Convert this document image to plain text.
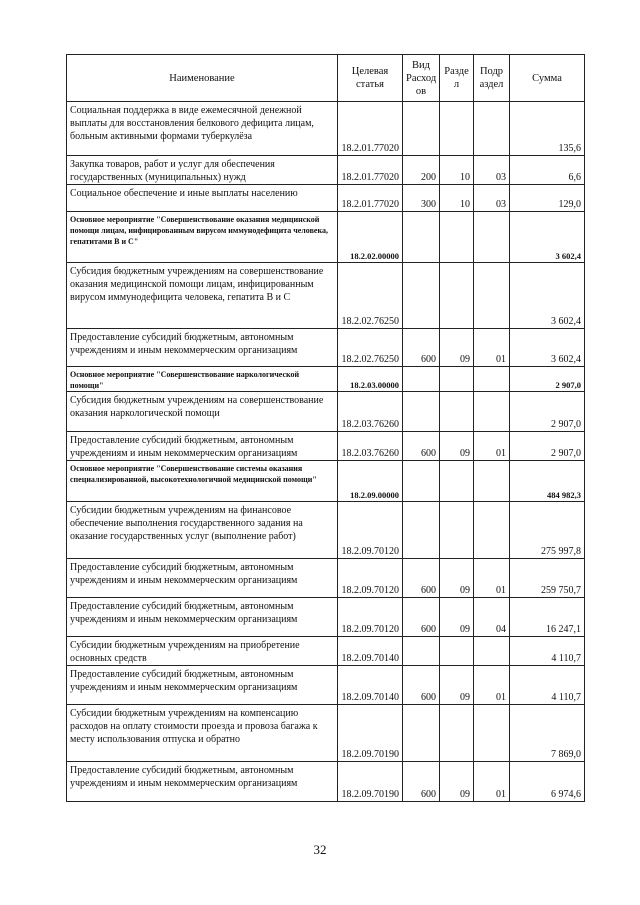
Наименование	Целевая статья	Вид Расход ов	Разде л	Подр аздел	Сумма
Социальная поддержка в виде ежемесячной денежной выплаты для восстановления белкового дефицита лицам, больным активными формами туберкулёза	18.2.01.77020				135,6
Закупка товаров, работ и услуг для обеспечения государственных (муниципальных) нужд	18.2.01.77020	200	10	03	6,6
Социальное обеспечение и иные выплаты населению	18.2.01.77020	300	10	03	129,0
Основное мероприятие "Совершенствование оказания медицинской помощи лицам, инфицированным вирусом иммунодефицита человека, гепатитами В и С"	18.2.02.00000				3 602,4
Субсидия бюджетным учреждениям на совершенствование оказания медицинской помощи лицам, инфицированным вирусом иммунодефицита человека, гепатита В и С	18.2.02.76250				3 602,4
Предоставление субсидий бюджетным, автономным учреждениям и иным некоммерческим организациям	18.2.02.76250	600	09	01	3 602,4
Основное мероприятие "Совершенствование наркологической помощи"	18.2.03.00000				2 907,0
Субсидия бюджетным учреждениям на совершенствование оказания наркологической помощи	18.2.03.76260				2 907,0
Предоставление субсидий бюджетным, автономным учреждениям и иным некоммерческим организациям	18.2.03.76260	600	09	01	2 907,0
Основное мероприятие "Совершенствование системы оказания специализированной, высокотехнологичной медицинской помощи"	18.2.09.00000				484 982,3
Субсидии бюджетным учреждениям на финансовое обеспечение выполнения государственного задания на оказание государственных услуг (выполнение работ)	18.2.09.70120				275 997,8
Предоставление субсидий бюджетным, автономным учреждениям и иным некоммерческим организациям	18.2.09.70120	600	09	01	259 750,7
Предоставление субсидий бюджетным, автономным учреждениям и иным некоммерческим организациям	18.2.09.70120	600	09	04	16 247,1
Субсидии бюджетным учреждениям на приобретение основных средств	18.2.09.70140				4 110,7
Предоставление субсидий бюджетным, автономным учреждениям и иным некоммерческим организациям	18.2.09.70140	600	09	01	4 110,7
Субсидии бюджетным учреждениям на компенсацию расходов на оплату стоимости проезда и провоза багажа к месту использования отпуска и обратно	18.2.09.70190				7 869,0
Предоставление субсидий бюджетным, автономным учреждениям и иным некоммерческим организациям	18.2.09.70190	600	09	01	6 974,6
32
